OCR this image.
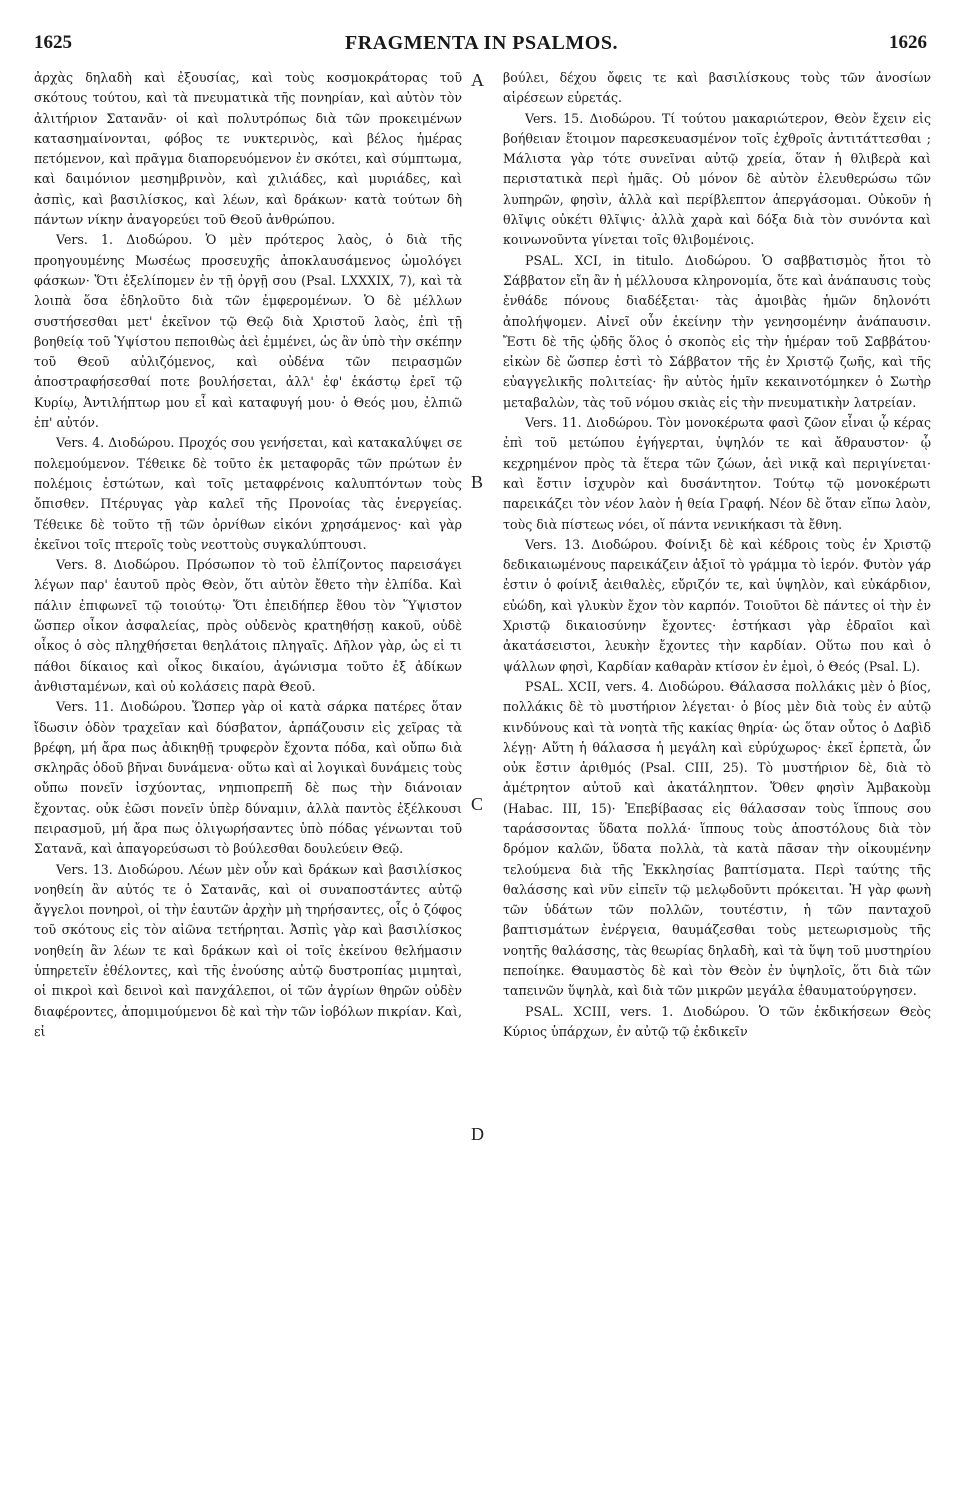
1625	FRAGMENTA IN PSALMOS.	1626

ἀρχὰς δηλαδὴ καὶ ἐξουσίας, καὶ τοὺς κοσμοκράτορας τοῦ σκότους τούτου, καὶ τὰ πνευματικὰ τῆς πονηρίαν, καὶ αὐτὸν τὸν ἀλιτήριον Σατανᾶν· οἱ καὶ πολυτρόπως διὰ τῶν προκειμένων κατασημαίνονται, φόβος τε νυκτερινὸς, καὶ βέλος ἡμέρας πετόμενον, καὶ πρᾶγμα διαπορευόμενον ἐν σκότει, καὶ σύμπτωμα, καὶ δαιμόνιον μεσημβρινὸν, καὶ χιλιάδες, καὶ μυριάδες, καὶ ἀσπὶς, καὶ βασιλίσκος, καὶ λέων, καὶ δράκων· κατὰ τούτων δὴ πάντων νίκην ἀναγορεύει τοῦ Θεοῦ ἀνθρώπου.

Vers. 1. Διοδώρου. Ὁ μὲν πρότερος λαὸς, ὁ διὰ τῆς προηγουμένης Μωσέως προσευχῆς ἀποκλαυσάμενος ὡμολόγει φάσκων· Ὅτι ἐξελίπομεν ἐν τῇ ὀργῇ σου (Psal. LXXXIX, 7), καὶ τὰ λοιπὰ ὅσα ἐδηλοῦτο διὰ τῶν ἐμφερομένων. Ὁ δὲ μέλλων συστήσεσθαι μετ' ἐκεῖνον τῷ Θεῷ διὰ Χριστοῦ λαὸς, ἐπὶ τῇ βοηθείᾳ τοῦ Ὑψίστου πεποιθὼς ἀεὶ ἐμμένει, ὡς ἂν ὑπὸ τὴν σκέπην τοῦ Θεοῦ αὐλιζόμενος, καὶ οὐδένα τῶν πειρασμῶν ἀποστραφήσεσθαί ποτε βουλήσεται, ἀλλ' ἐφ' ἑκάστῳ ἐρεῖ τῷ Κυρίῳ, Ἀντιλήπτωρ μου εἶ καὶ καταφυγή μου· ὁ Θεός μου, ἐλπιῶ ἐπ' αὐτόν.

Vers. 4. Διοδώρου. Προχός σου γενήσεται, καὶ κατακαλύψει σε πολεμούμενον. Τέθεικε δὲ τοῦτο ἐκ μεταφορᾶς τῶν πρώτων ἐν πολέμοις ἑστώτων, καὶ τοῖς μεταφρένοις καλυπτόντων τοὺς ὄπισθεν. Πτέρυγας γὰρ καλεῖ τῆς Προνοίας τὰς ἐνεργείας. Τέθεικε δὲ τοῦτο τῇ τῶν ὀρνίθων εἰκόνι χρησάμενος· καὶ γὰρ ἐκεῖνοι τοῖς πτεροῖς τοὺς νεοττοὺς συγκαλύπτουσι.

Vers. 8. Διοδώρου. Πρόσωπον τὸ τοῦ ἐλπίζοντος παρεισάγει λέγων παρ' ἑαυτοῦ πρὸς Θεὸν, ὅτι αὐτὸν ἔθετο τὴν ἐλπίδα. Καὶ πάλιν ἐπιφωνεῖ τῷ τοιούτῳ· Ὅτι ἐπειδήπερ ἔθου τὸν Ὕψιστον ὥσπερ οἶκον ἀσφαλείας, πρὸς οὐδενὸς κρατηθήσῃ κακοῦ, οὐδὲ οἶκος ὁ σὸς πληχθήσεται θεηλάτοις πληγαῖς. Δῆλον γὰρ, ὡς εἰ τι πάθοι δίκαιος καὶ οἶκος δικαίου, ἀγώνισμα τοῦτο ἐξ ἀδίκων ἀνθισταμένων, καὶ οὐ κολάσεις παρὰ Θεοῦ.

Vers. 11. Διοδώρου. Ὥσπερ γὰρ οἱ κατὰ σάρκα πατέρες ὅταν ἴδωσιν ὁδὸν τραχεῖαν καὶ δύσβατον, ἁρπάζουσιν εἰς χεῖρας τὰ βρέφη, μή ἄρα πως ἀδικηθῇ τρυφερὸν ἔχοντα πόδα, καὶ οὔπω διὰ σκληρᾶς ὁδοῦ βῆναι δυνάμενα· οὕτω καὶ αἱ λογικαὶ δυνάμεις τοὺς οὔπω πονεῖν ἰσχύοντας, νηπιοπρεπῆ δὲ πως τὴν διάνοιαν ἔχοντας. οὐκ ἐῶσι πονεῖν ὑπὲρ δύναμιν, ἀλλὰ παντὸς ἐξέλκουσι πειρασμοῦ, μή ἄρα πως ὀλιγωρήσαντες ὑπὸ πόδας γένωνται τοῦ Σατανᾶ, καὶ ἀπαγορεύσωσι τὸ βούλεσθαι δουλεύειν Θεῷ.

Vers. 13. Διοδώρου. Λέων μὲν οὖν καὶ δράκων καὶ βασιλίσκος νοηθείη ἂν αὐτός τε ὁ Σατανᾶς, καὶ οἱ συναποστάντες αὐτῷ ἄγγελοι πονηροὶ, οἱ τὴν ἑαυτῶν ἀρχὴν μὴ τηρήσαντες, οἷς ὁ ζόφος τοῦ σκότους εἰς τὸν αἰῶνα τετήρηται. Ἀσπὶς γὰρ καὶ βασιλίσκος νοηθείη ἂν λέων τε καὶ δράκων καὶ οἱ τοῖς ἐκείνου θελήμασιν ὑπηρετεῖν ἐθέλοντες, καὶ τῆς ἐνούσης αὐτῷ δυστροπίας μιμηταὶ, οἱ πικροὶ καὶ δεινοὶ καὶ πανχάλεποι, οἱ τῶν ἀγρίων θηρῶν οὐδὲν διαφέροντες, ἀπομιμούμενοι δὲ καὶ τὴν τῶν ἰοβόλων πικρίαν. Καὶ, εἰ

A
B
C
D

βούλει, δέχου ὄφεις τε καὶ βασιλίσκους τοὺς τῶν ἀνοσίων αἱρέσεων εὑρετάς.

Vers. 15. Διοδώρου. Τί τούτου μακαριώτερον, Θεὸν ἔχειν εἰς βοήθειαν ἕτοιμον παρεσκευασμένον τοῖς ἐχθροῖς ἀντιτάττεσθαι ; Μάλιστα γὰρ τότε συνεῖναι αὐτῷ χρεία, ὅταν ἡ θλιβερὰ καὶ περιστατικὰ περὶ ἡμᾶς. Οὐ μόνον δὲ αὐτὸν ἐλευθερώσω τῶν λυπηρῶν, φησὶν, ἀλλὰ καὶ περίβλεπτον ἀπεργάσομαι. Οὐκοῦν ἡ θλῖψις οὐκέτι θλῖψις· ἀλλὰ χαρὰ καὶ δόξα διὰ τὸν συνόντα καὶ κοινωνοῦντα γίνεται τοῖς θλιβομένοις.

PSAL. XCI, in titulo. Διοδώρου. Ὁ σαββατισμὸς ἤτοι τὸ Σάββατον εἴη ἂν ἡ μέλλουσα κληρονομία, ὅτε καὶ ἀνάπαυσις τοὺς ἐνθάδε πόνους διαδέξεται· τὰς ἀμοιβὰς ἡμῶν δηλονότι ἀπολήψομεν. Αἰνεῖ οὖν ἐκείνην τὴν γενησομένην ἀνάπαυσιν. Ἔστι δὲ τῆς ᾠδῆς ὅλος ὁ σκοπὸς εἰς τὴν ἡμέραν τοῦ Σαββάτου· εἰκὼν δὲ ὥσπερ ἐστὶ τὸ Σάββατον τῆς ἐν Χριστῷ ζωῆς, καὶ τῆς εὐαγγελικῆς πολιτείας· ἣν αὐτὸς ἡμῖν κεκαινοτόμηκεν ὁ Σωτὴρ μεταβαλὼν, τὰς τοῦ νόμου σκιὰς εἰς τὴν πνευματικὴν λατρείαν.

Vers. 11. Διοδώρου. Τὸν μονοκέρωτα φασὶ ζῶον εἶναι ᾧ κέρας ἐπὶ τοῦ μετώπου ἐγήγερται, ὑψηλόν τε καὶ ἄθραυστον· ᾧ κεχρημένον πρὸς τὰ ἕτερα τῶν ζώων, ἀεὶ νικᾷ καὶ περιγίνεται· καὶ ἔστιν ἰσχυρὸν καὶ δυσάντητον. Τούτῳ τῷ μονοκέρωτι παρεικάζει τὸν νέον λαὸν ἡ θεία Γραφή. Νέον δὲ ὅταν εἴπω λαὸν, τοὺς διὰ πίστεως νόει, οἵ πάντα νενικήκασι τὰ ἔθνη.

Vers. 13. Διοδώρου. Φοίνιξι δὲ καὶ κέδροις τοὺς ἐν Χριστῷ δεδικαιωμένους παρεικάζειν ἀξιοῖ τὸ γράμμα τὸ ἱερόν. Φυτὸν γάρ ἐστιν ὁ φοίνιξ ἀειθαλὲς, εὔριζόν τε, καὶ ὑψηλὸν, καὶ εὐκάρδιον, εὐώδη, καὶ γλυκὺν ἔχον τὸν καρπόν. Τοιοῦτοι δὲ πάντες οἱ τὴν ἐν Χριστῷ δικαιοσύνην ἔχοντες· ἑστήκασι γὰρ ἑδραῖοι καὶ ἀκατάσειστοι, λευκὴν ἔχοντες τὴν καρδίαν. Οὕτω που καὶ ὁ ψάλλων φησὶ, Καρδίαν καθαρὰν κτίσον ἐν ἐμοὶ, ὁ Θεός (Psal. L).

PSAL. XCII, vers. 4. Διοδώρου. Θάλασσα πολλάκις μὲν ὁ βίος, πολλάκις δὲ τὸ μυστήριον λέγεται· ὁ βίος μὲν διὰ τοὺς ἐν αὐτῷ κινδύνους καὶ τὰ νοητὰ τῆς κακίας θηρία· ὡς ὅταν οὗτος ὁ Δαβὶδ λέγῃ· Αὕτη ἡ θάλασσα ἡ μεγάλη καὶ εὐρύχωρος· ἐκεῖ ἑρπετὰ, ὧν οὐκ ἔστιν ἀριθμός (Psal. CIII, 25). Τὸ μυστήριον δὲ, διὰ τὸ ἀμέτρητον αὐτοῦ καὶ ἀκατάληπτον. Ὅθεν φησὶν Ἀμβακοὺμ (Habac. III, 15)· Ἐπεβίβασας εἰς θάλασσαν τοὺς ἵππους σου ταράσσοντας ὕδατα πολλά· ἵππους τοὺς ἀποστόλους διὰ τὸν δρόμον καλῶν, ὕδατα πολλὰ, τὰ κατὰ πᾶσαν τὴν οἰκουμένην τελούμενα διὰ τῆς Ἐκκλησίας βαπτίσματα. Περὶ ταύτης τῆς θαλάσσης καὶ νῦν εἰπεῖν τῷ μελῳδοῦντι πρόκειται. Ἡ γὰρ φωνὴ τῶν ὑδάτων τῶν πολλῶν, τουτέστιν, ἡ τῶν πανταχοῦ βαπτισμάτων ἐνέργεια, θαυμάζεσθαι τοὺς μετεωρισμοὺς τῆς νοητῆς θαλάσσης, τὰς θεωρίας δηλαδὴ, καὶ τὰ ὕψη τοῦ μυστηρίου πεποίηκε. Θαυμαστὸς δὲ καὶ τὸν Θεὸν ἐν ὑψηλοῖς, ὅτι διὰ τῶν ταπεινῶν ὕψηλὰ, καὶ διὰ τῶν μικρῶν μεγάλα ἐθαυματούργησεν.

PSAL. XCIII, vers. 1. Διοδώρου. Ὁ τῶν ἐκδικήσεων Θεὸς Κύριος ὑπάρχων, ἐν αὐτῷ τῷ ἐκδικεῖν
